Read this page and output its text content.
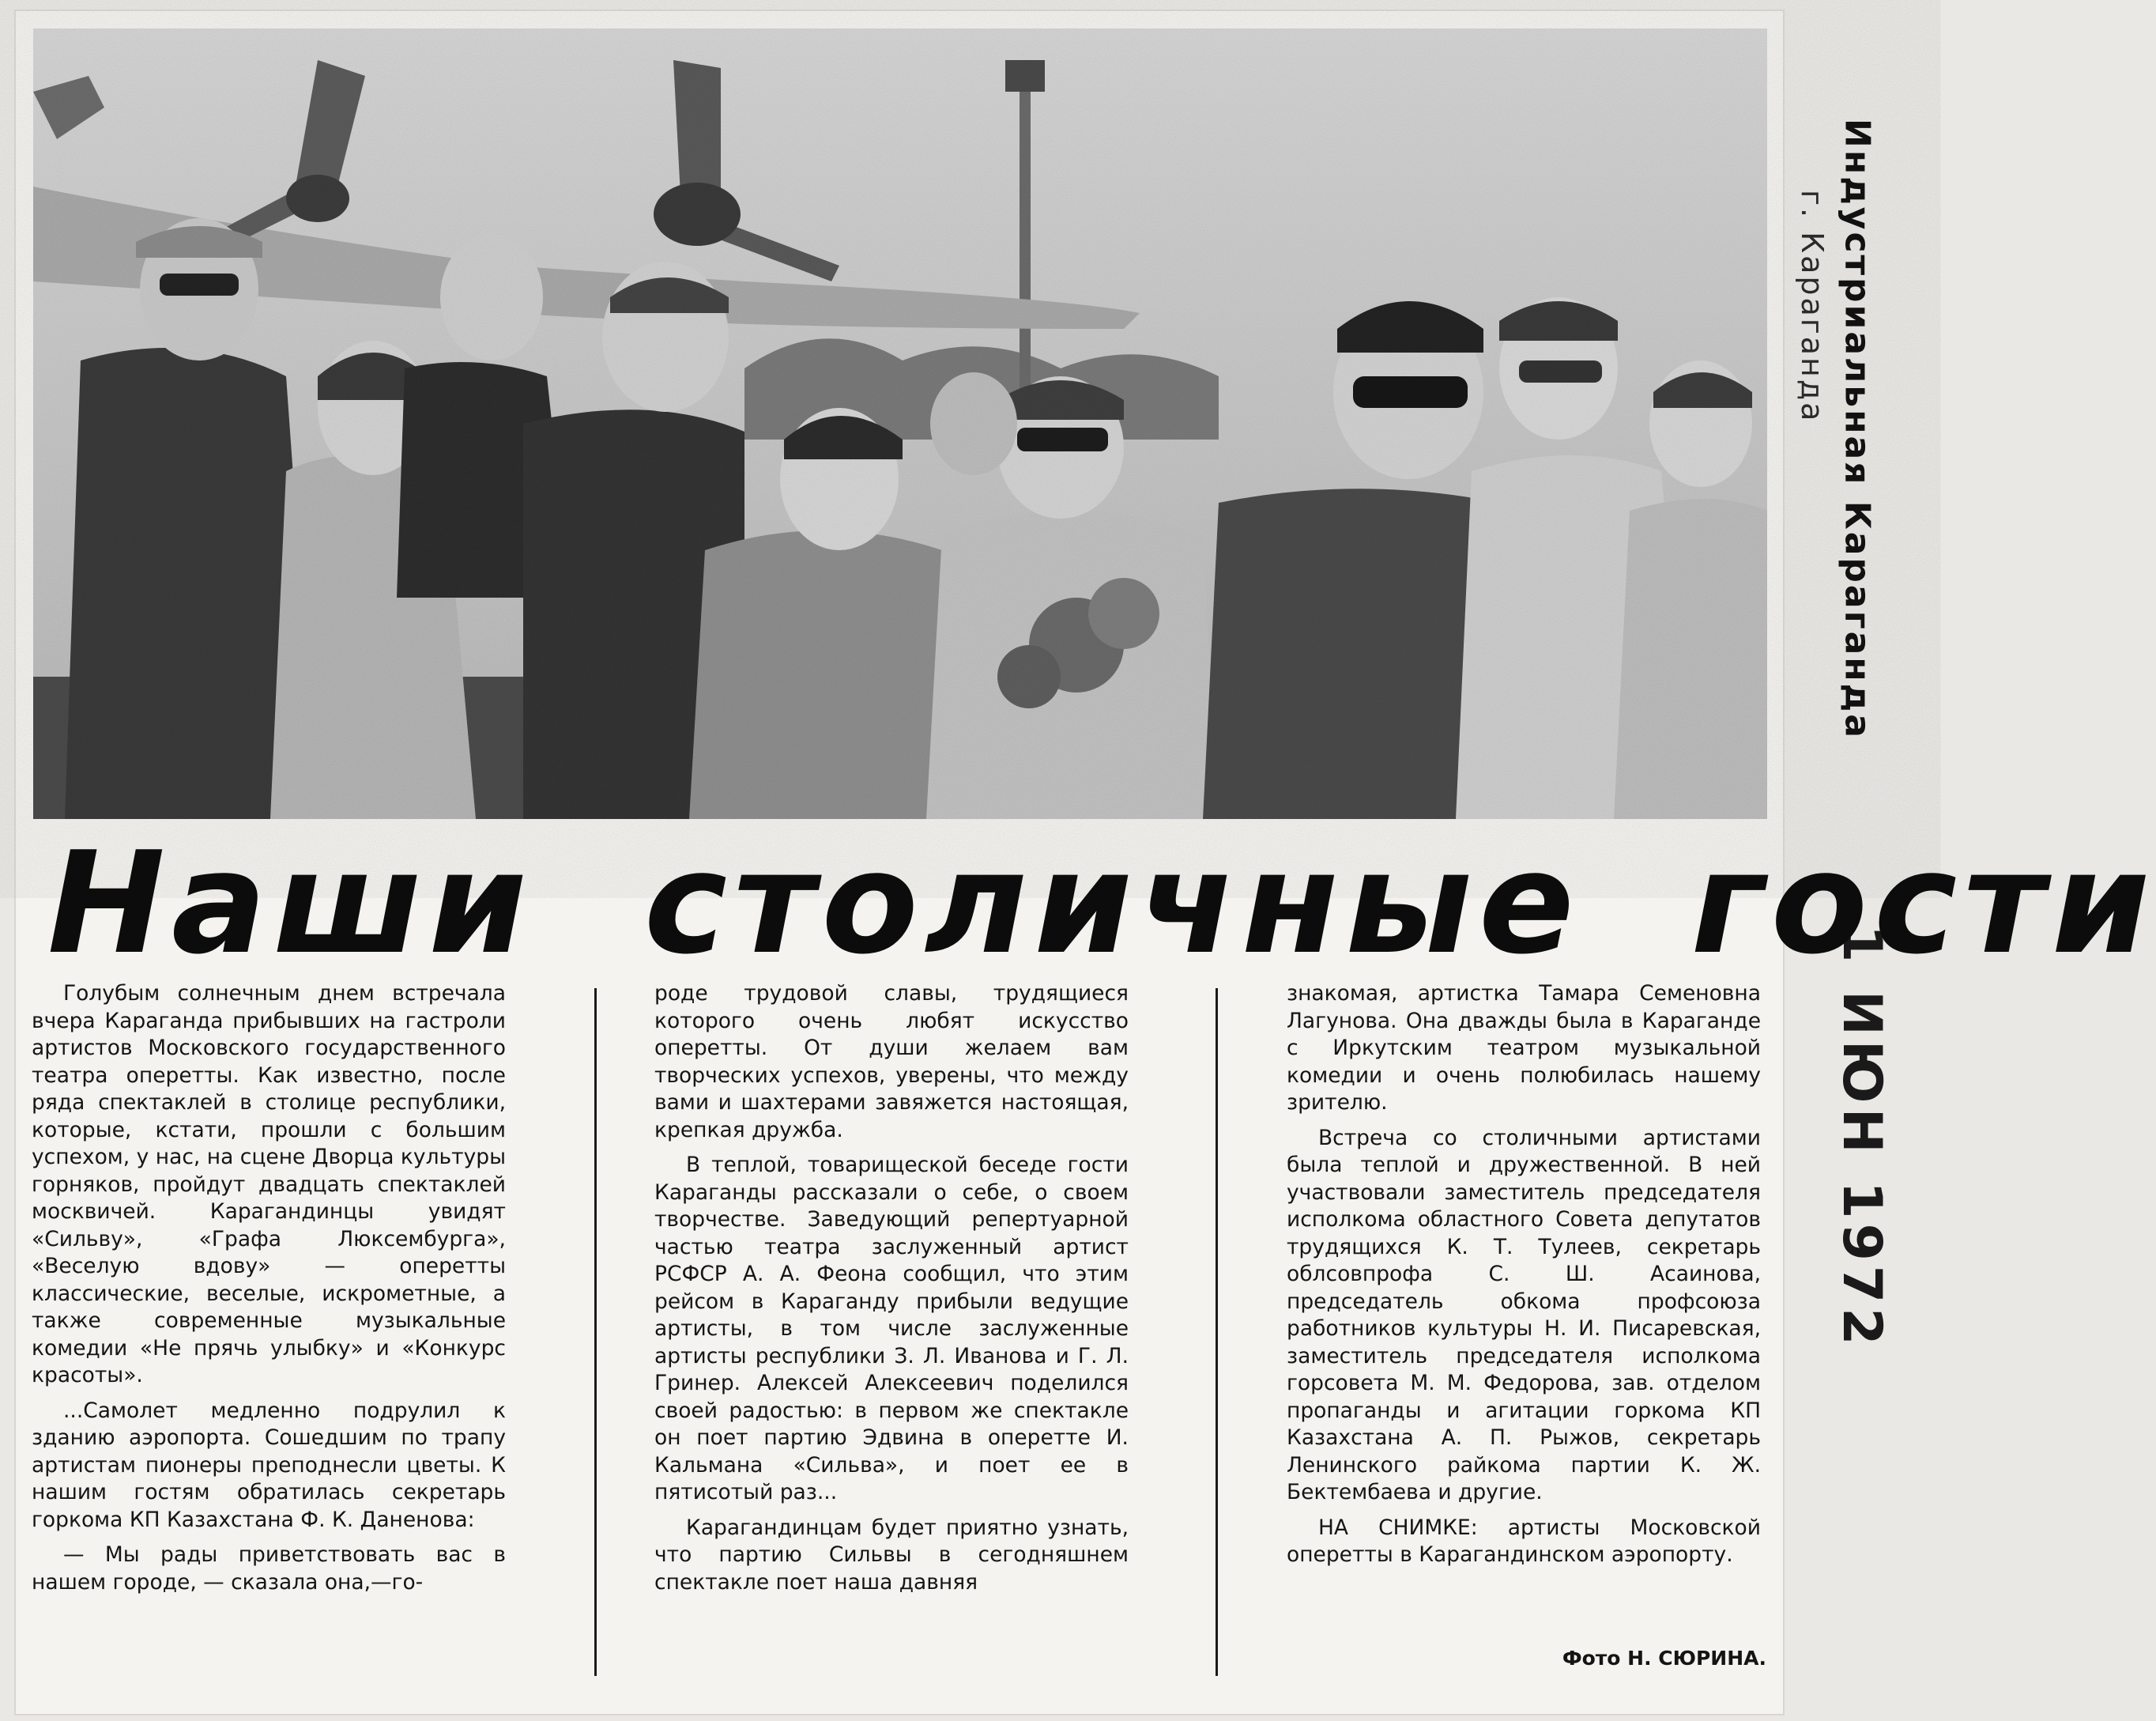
Индустриальная Караганда
г. Караганда
1 ИЮН 1972
Наши столичные гости

Голубым солнечным днем встречала вчера Караганда прибывших на гастроли артистов Московского государственного театра оперетты. Как известно, после ряда спектаклей в столице республики, которые, кстати, прошли с большим успехом, у нас, на сцене Дворца культуры горняков, пройдут двадцать спектаклей москвичей. Карагандинцы увидят «Сильву», «Графа Люксембурга», «Веселую вдову» — оперетты классические, веселые, искрометные, а также современные музыкальные комедии «Не прячь улыбку» и «Конкурс красоты».

...Самолет медленно подрулил к зданию аэропорта. Сошедшим по трапу артистам пионеры преподнесли цветы. К нашим гостям обратилась секретарь горкома КП Казахстана Ф. К. Даненова:

— Мы рады приветствовать вас в нашем городе, — сказала она,—го-

роде трудовой славы, трудящиеся которого очень любят искусство оперетты. От души желаем вам творческих успехов, уверены, что между вами и шахтерами завяжется настоящая, крепкая дружба.

В теплой, товарищеской беседе гости Караганды рассказали о себе, о своем творчестве. Заведующий репертуарной частью театра заслуженный артист РСФСР А. А. Феона сообщил, что этим рейсом в Караганду прибыли ведущие артисты, в том числе заслуженные артисты республики З. Л. Иванова и Г. Л. Гринер. Алексей Алексеевич поделился своей радостью: в первом же спектакле он поет партию Эдвина в оперетте И. Кальмана «Сильва», и поет ее в пятисотый раз...

Карагандинцам будет приятно узнать, что партию Сильвы в сегодняшнем спектакле поет наша давняя

знакомая, артистка Тамара Семеновна Лагунова. Она дважды была в Караганде с Иркутским театром музыкальной комедии и очень полюбилась нашему зрителю.

Встреча со столичными артистами была теплой и дружественной. В ней участвовали заместитель председателя исполкома областного Совета депутатов трудящихся К. Т. Тулеев, секретарь облсовпрофа С. Ш. Асаинова, председатель обкома профсоюза работников культуры Н. И. Писаревская, заместитель председателя исполкома горсовета М. М. Федорова, зав. отделом пропаганды и агитации горкома КП Казахстана А. П. Рыжов, секретарь Ленинского райкома партии К. Ж. Бектембаева и другие.

НА СНИМКЕ: артисты Московской оперетты в Карагандинском аэропорту.

Фото Н. СЮРИНА.
